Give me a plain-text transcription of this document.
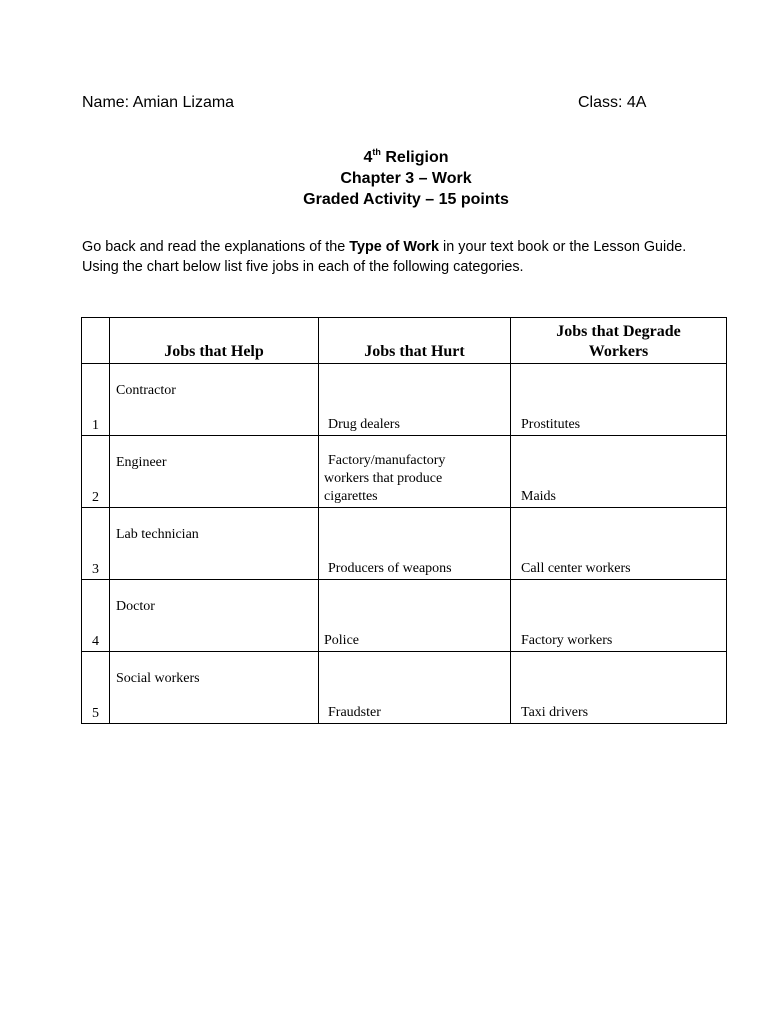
Name: Amian Lizama	Class: 4A
4th Religion
Chapter 3 – Work
Graded Activity – 15 points
Go back and read the explanations of the Type of Work in your text book or the Lesson Guide. Using the chart below list five jobs in each of the following categories.
	Jobs that Help	Jobs that Hurt	Jobs that Degrade
Workers

1	Contractor	Drug dealers	Prostitutes
2	Engineer	Factory/manufactory
workers that produce
cigarettes	Maids
3	Lab technician	Producers of weapons	Call center workers
4	Doctor	Police	Factory workers
5	Social workers	Fraudster	Taxi drivers
